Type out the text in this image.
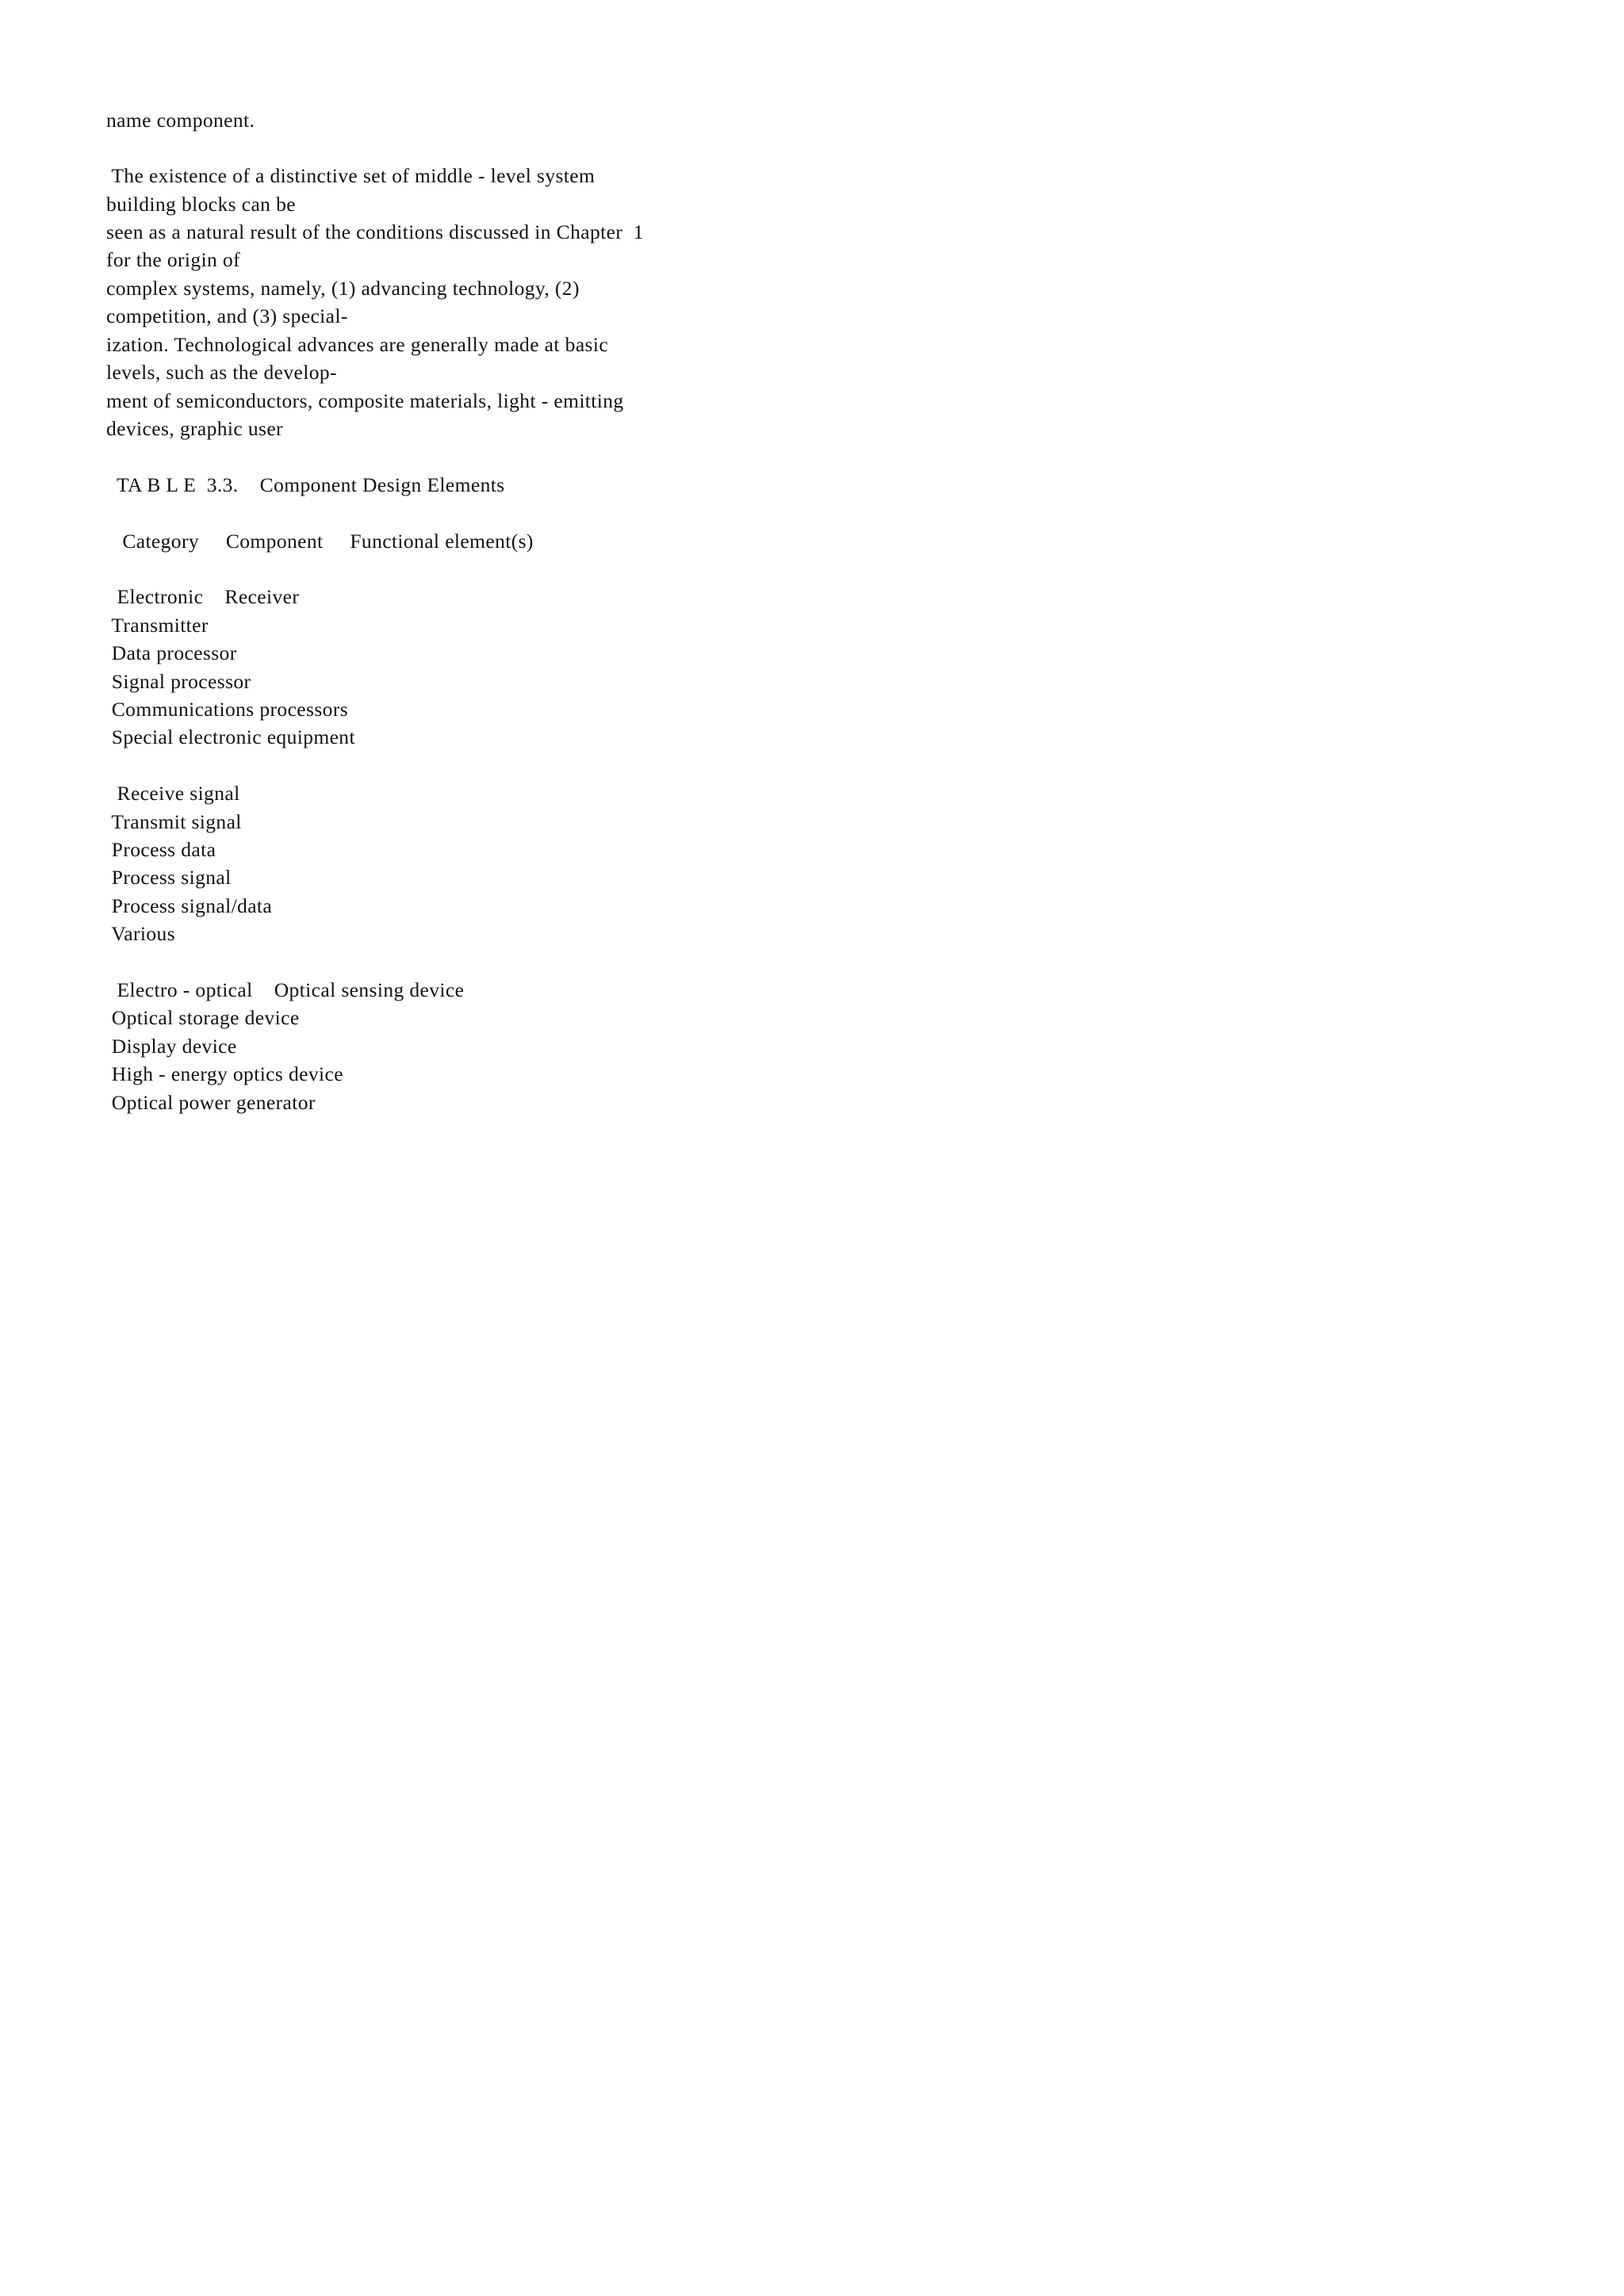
name component.

The existence of a distinctive set of middle - level system

building blocks can be

seen as a natural result of the conditions discussed in Chapter  1

for the origin of

complex systems, namely, (1) advancing technology, (2)

competition, and (3) special-

ization. Technological advances are generally made at basic

levels, such as the develop-

ment of semiconductors, composite materials, light - emitting

devices, graphic user

TA B L E  3.3.    Component Design Elements

Category     Component     Functional element(s)

Electronic    Receiver

Transmitter

Data processor

Signal processor

Communications processors

Special electronic equipment

Receive signal

Transmit signal

Process data

Process signal

Process signal/data

Various

Electro - optical    Optical sensing device

Optical storage device

Display device

High - energy optics device

Optical power generator
